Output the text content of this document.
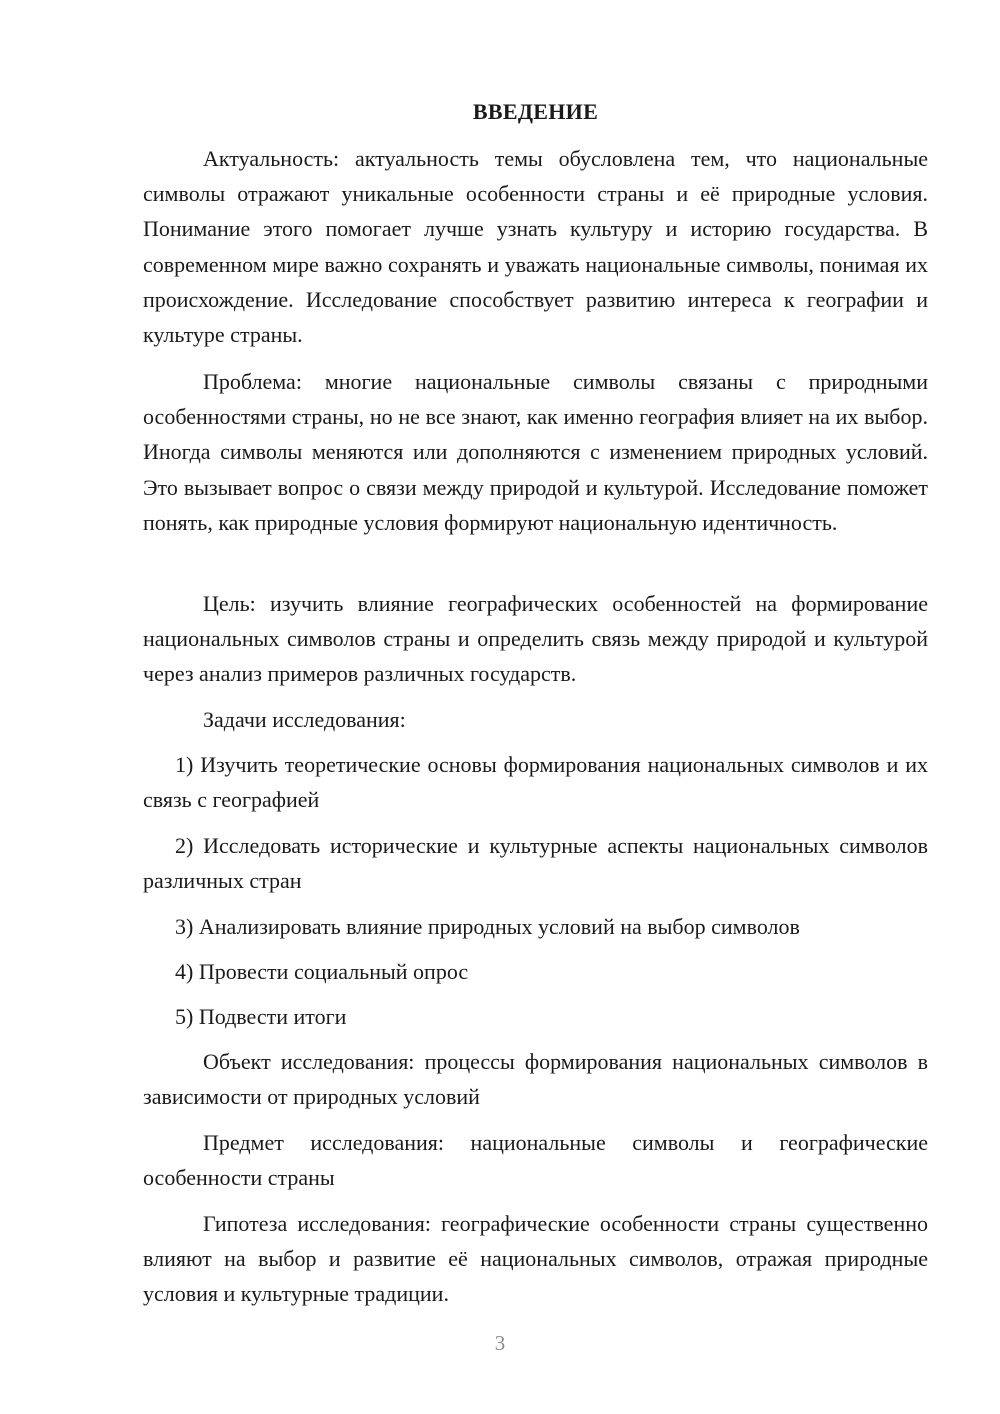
ВВЕДЕНИЕ

Актуальность: актуальность темы обусловлена тем, что национальные символы отражают уникальные особенности страны и её природные условия. Понимание этого помогает лучше узнать культуру и историю государства. В современном мире важно сохранять и уважать национальные символы, понимая их происхождение. Исследование способствует развитию интереса к географии и культуре страны.

Проблема: многие национальные символы связаны с природными особенностями страны, но не все знают, как именно география влияет на их выбор. Иногда символы меняются или дополняются с изменением природных условий. Это вызывает вопрос о связи между природой и культурой. Исследование поможет понять, как природные условия формируют национальную идентичность.

Цель: изучить влияние географических особенностей на формирование национальных символов страны и определить связь между природой и культурой через анализ примеров различных государств.

Задачи исследования:

1) Изучить теоретические основы формирования национальных символов и их связь с географией

2) Исследовать исторические и культурные аспекты национальных символов различных стран

3) Анализировать влияние природных условий на выбор символов

4) Провести социальный опрос

5) Подвести итоги

Объект исследования: процессы формирования национальных символов в зависимости от природных условий

Предмет исследования: национальные символы и географические особенности страны

Гипотеза исследования: географические особенности страны существенно влияют на выбор и развитие её национальных символов, отражая природные условия и культурные традиции.

3
